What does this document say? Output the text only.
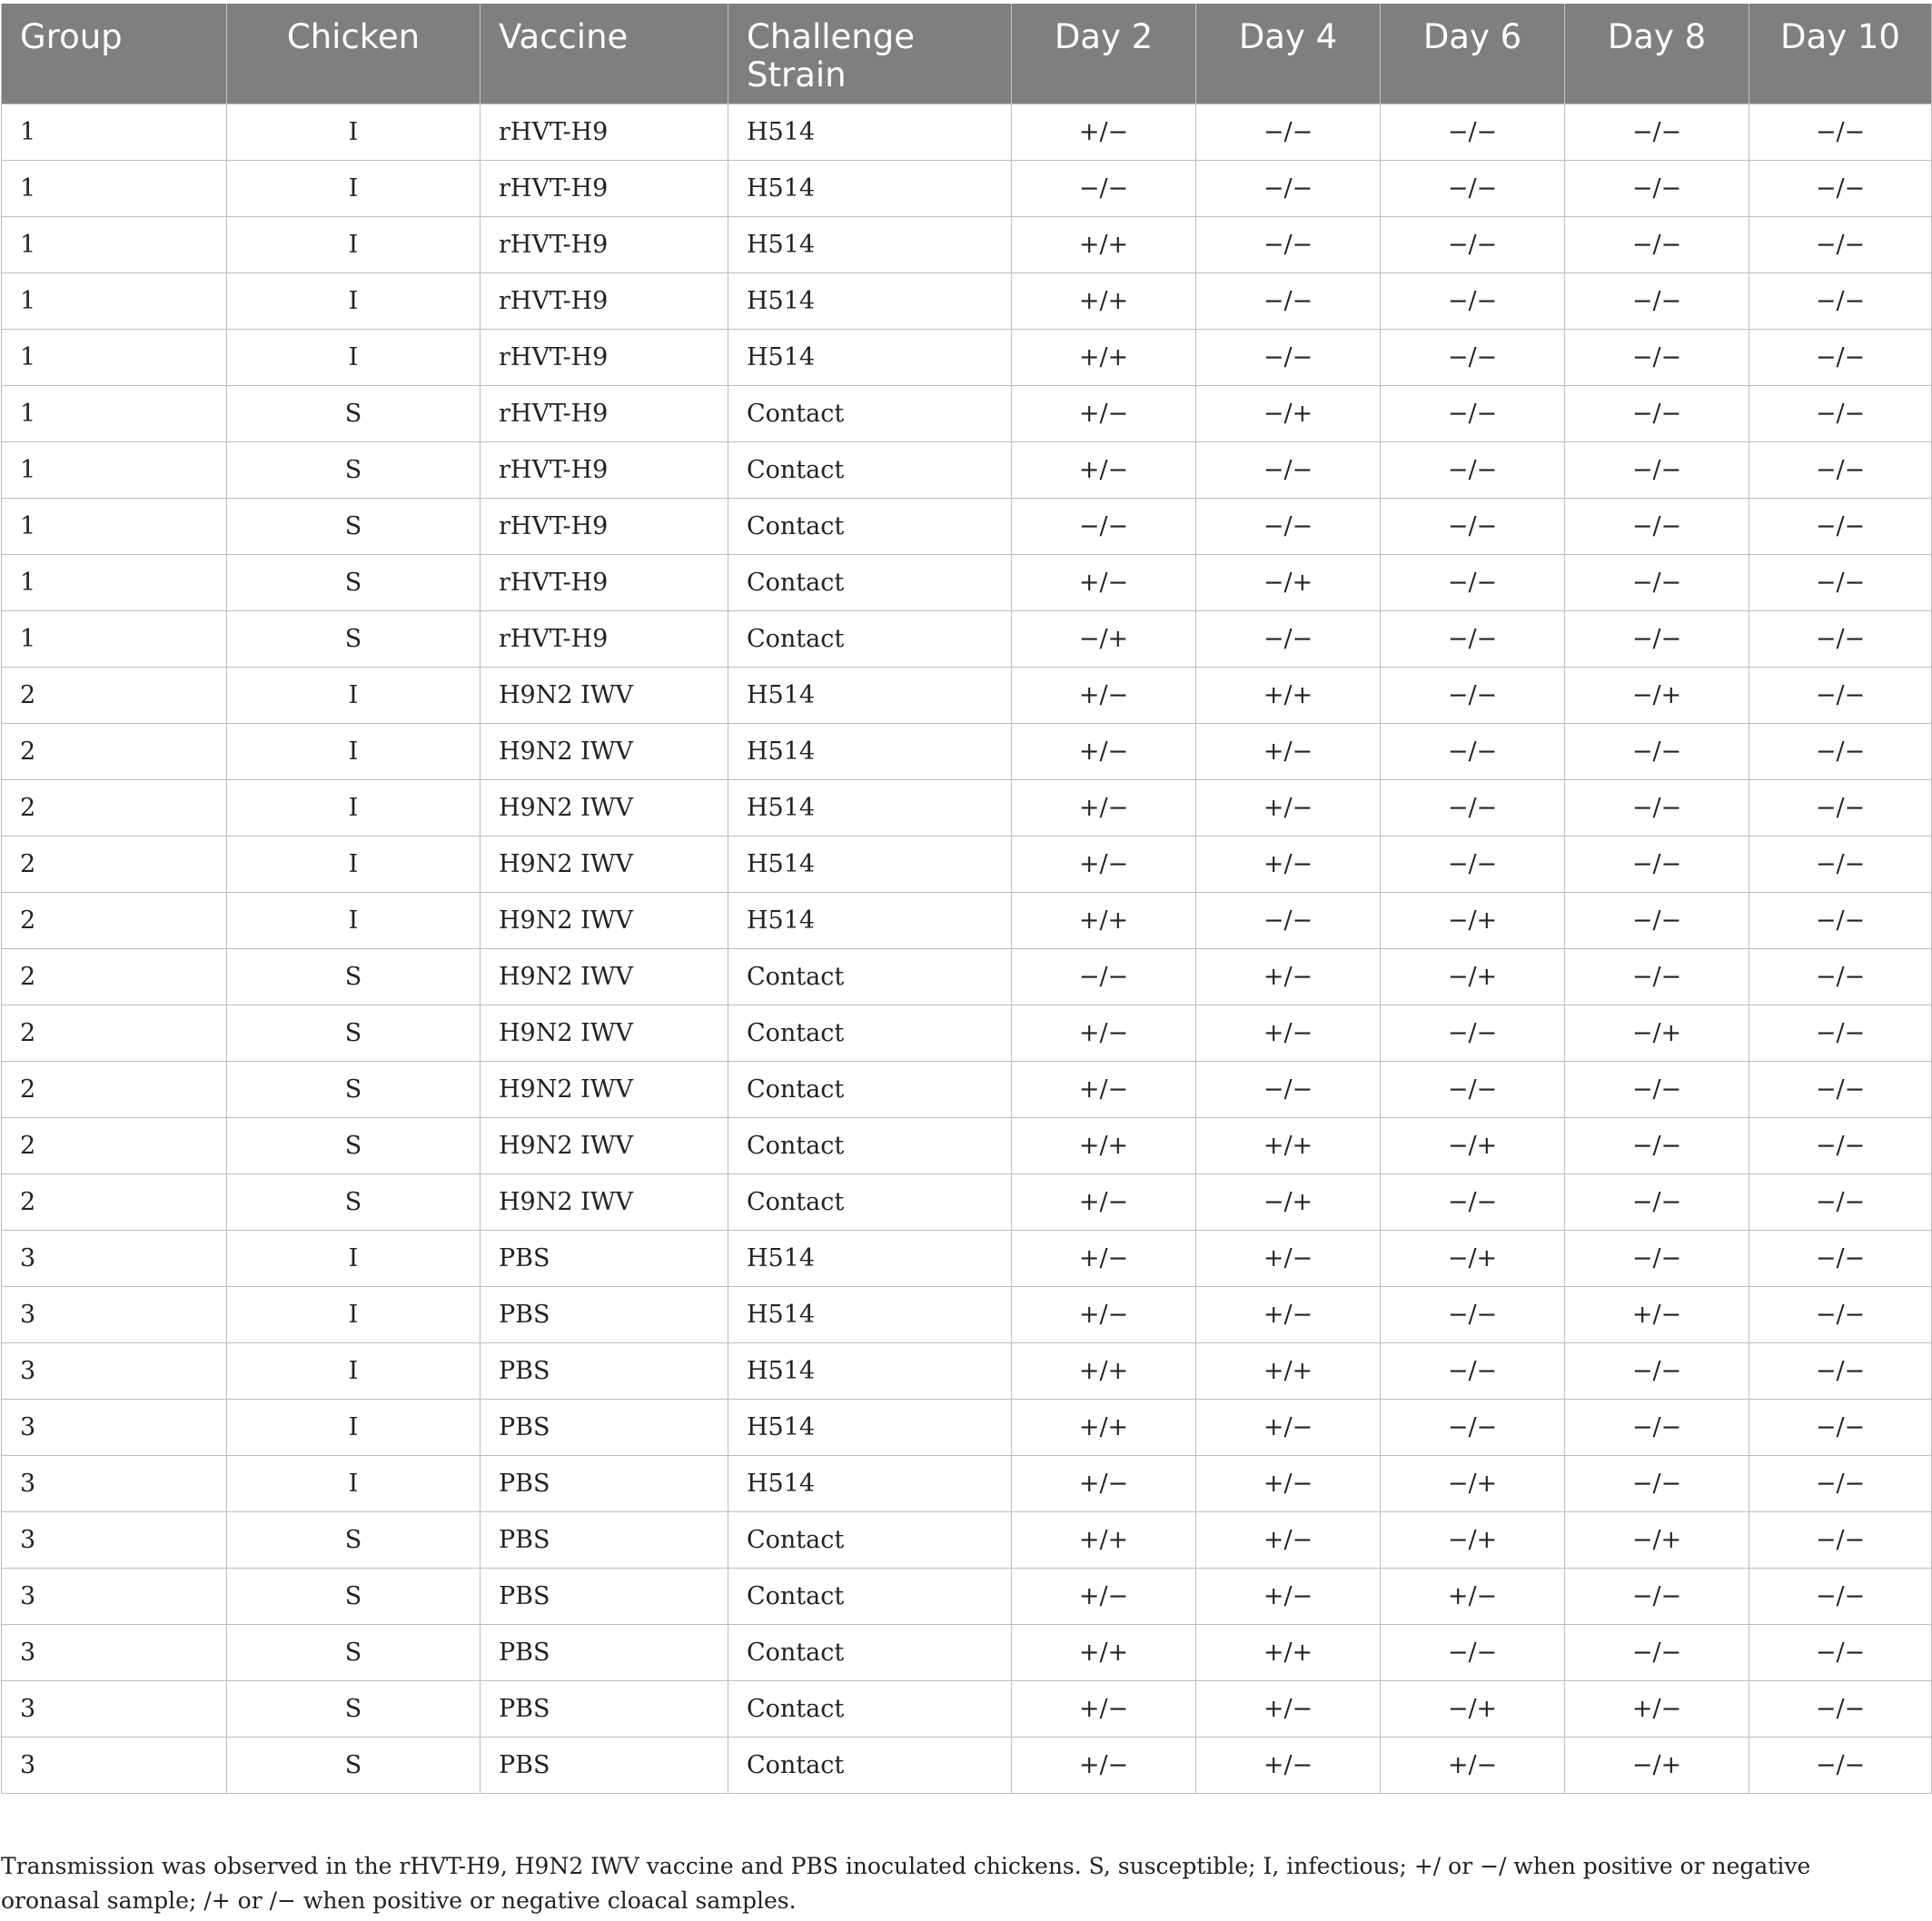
Group	Chicken	Vaccine	Challenge Strain	Day 2	Day 4	Day 6	Day 8	Day 10
1	I	rHVT-H9	H514	+/−	−/−	−/−	−/−	−/−
1	I	rHVT-H9	H514	−/−	−/−	−/−	−/−	−/−
1	I	rHVT-H9	H514	+/+	−/−	−/−	−/−	−/−
1	I	rHVT-H9	H514	+/+	−/−	−/−	−/−	−/−
1	I	rHVT-H9	H514	+/+	−/−	−/−	−/−	−/−
1	S	rHVT-H9	Contact	+/−	−/+	−/−	−/−	−/−
1	S	rHVT-H9	Contact	+/−	−/−	−/−	−/−	−/−
1	S	rHVT-H9	Contact	−/−	−/−	−/−	−/−	−/−
1	S	rHVT-H9	Contact	+/−	−/+	−/−	−/−	−/−
1	S	rHVT-H9	Contact	−/+	−/−	−/−	−/−	−/−
2	I	H9N2 IWV	H514	+/−	+/+	−/−	−/+	−/−
2	I	H9N2 IWV	H514	+/−	+/−	−/−	−/−	−/−
2	I	H9N2 IWV	H514	+/−	+/−	−/−	−/−	−/−
2	I	H9N2 IWV	H514	+/−	+/−	−/−	−/−	−/−
2	I	H9N2 IWV	H514	+/+	−/−	−/+	−/−	−/−
2	S	H9N2 IWV	Contact	−/−	+/−	−/+	−/−	−/−
2	S	H9N2 IWV	Contact	+/−	+/−	−/−	−/+	−/−
2	S	H9N2 IWV	Contact	+/−	−/−	−/−	−/−	−/−
2	S	H9N2 IWV	Contact	+/+	+/+	−/+	−/−	−/−
2	S	H9N2 IWV	Contact	+/−	−/+	−/−	−/−	−/−
3	I	PBS	H514	+/−	+/−	−/+	−/−	−/−
3	I	PBS	H514	+/−	+/−	−/−	+/−	−/−
3	I	PBS	H514	+/+	+/+	−/−	−/−	−/−
3	I	PBS	H514	+/+	+/−	−/−	−/−	−/−
3	I	PBS	H514	+/−	+/−	−/+	−/−	−/−
3	S	PBS	Contact	+/+	+/−	−/+	−/+	−/−
3	S	PBS	Contact	+/−	+/−	+/−	−/−	−/−
3	S	PBS	Contact	+/+	+/+	−/−	−/−	−/−
3	S	PBS	Contact	+/−	+/−	−/+	+/−	−/−
3	S	PBS	Contact	+/−	+/−	+/−	−/+	−/−
Transmission was observed in the rHVT-H9, H9N2 IWV vaccine and PBS inoculated chickens. S, susceptible; I, infectious; +/ or −/ when positive or negative oronasal sample; /+ or /− when positive or negative cloacal samples.
